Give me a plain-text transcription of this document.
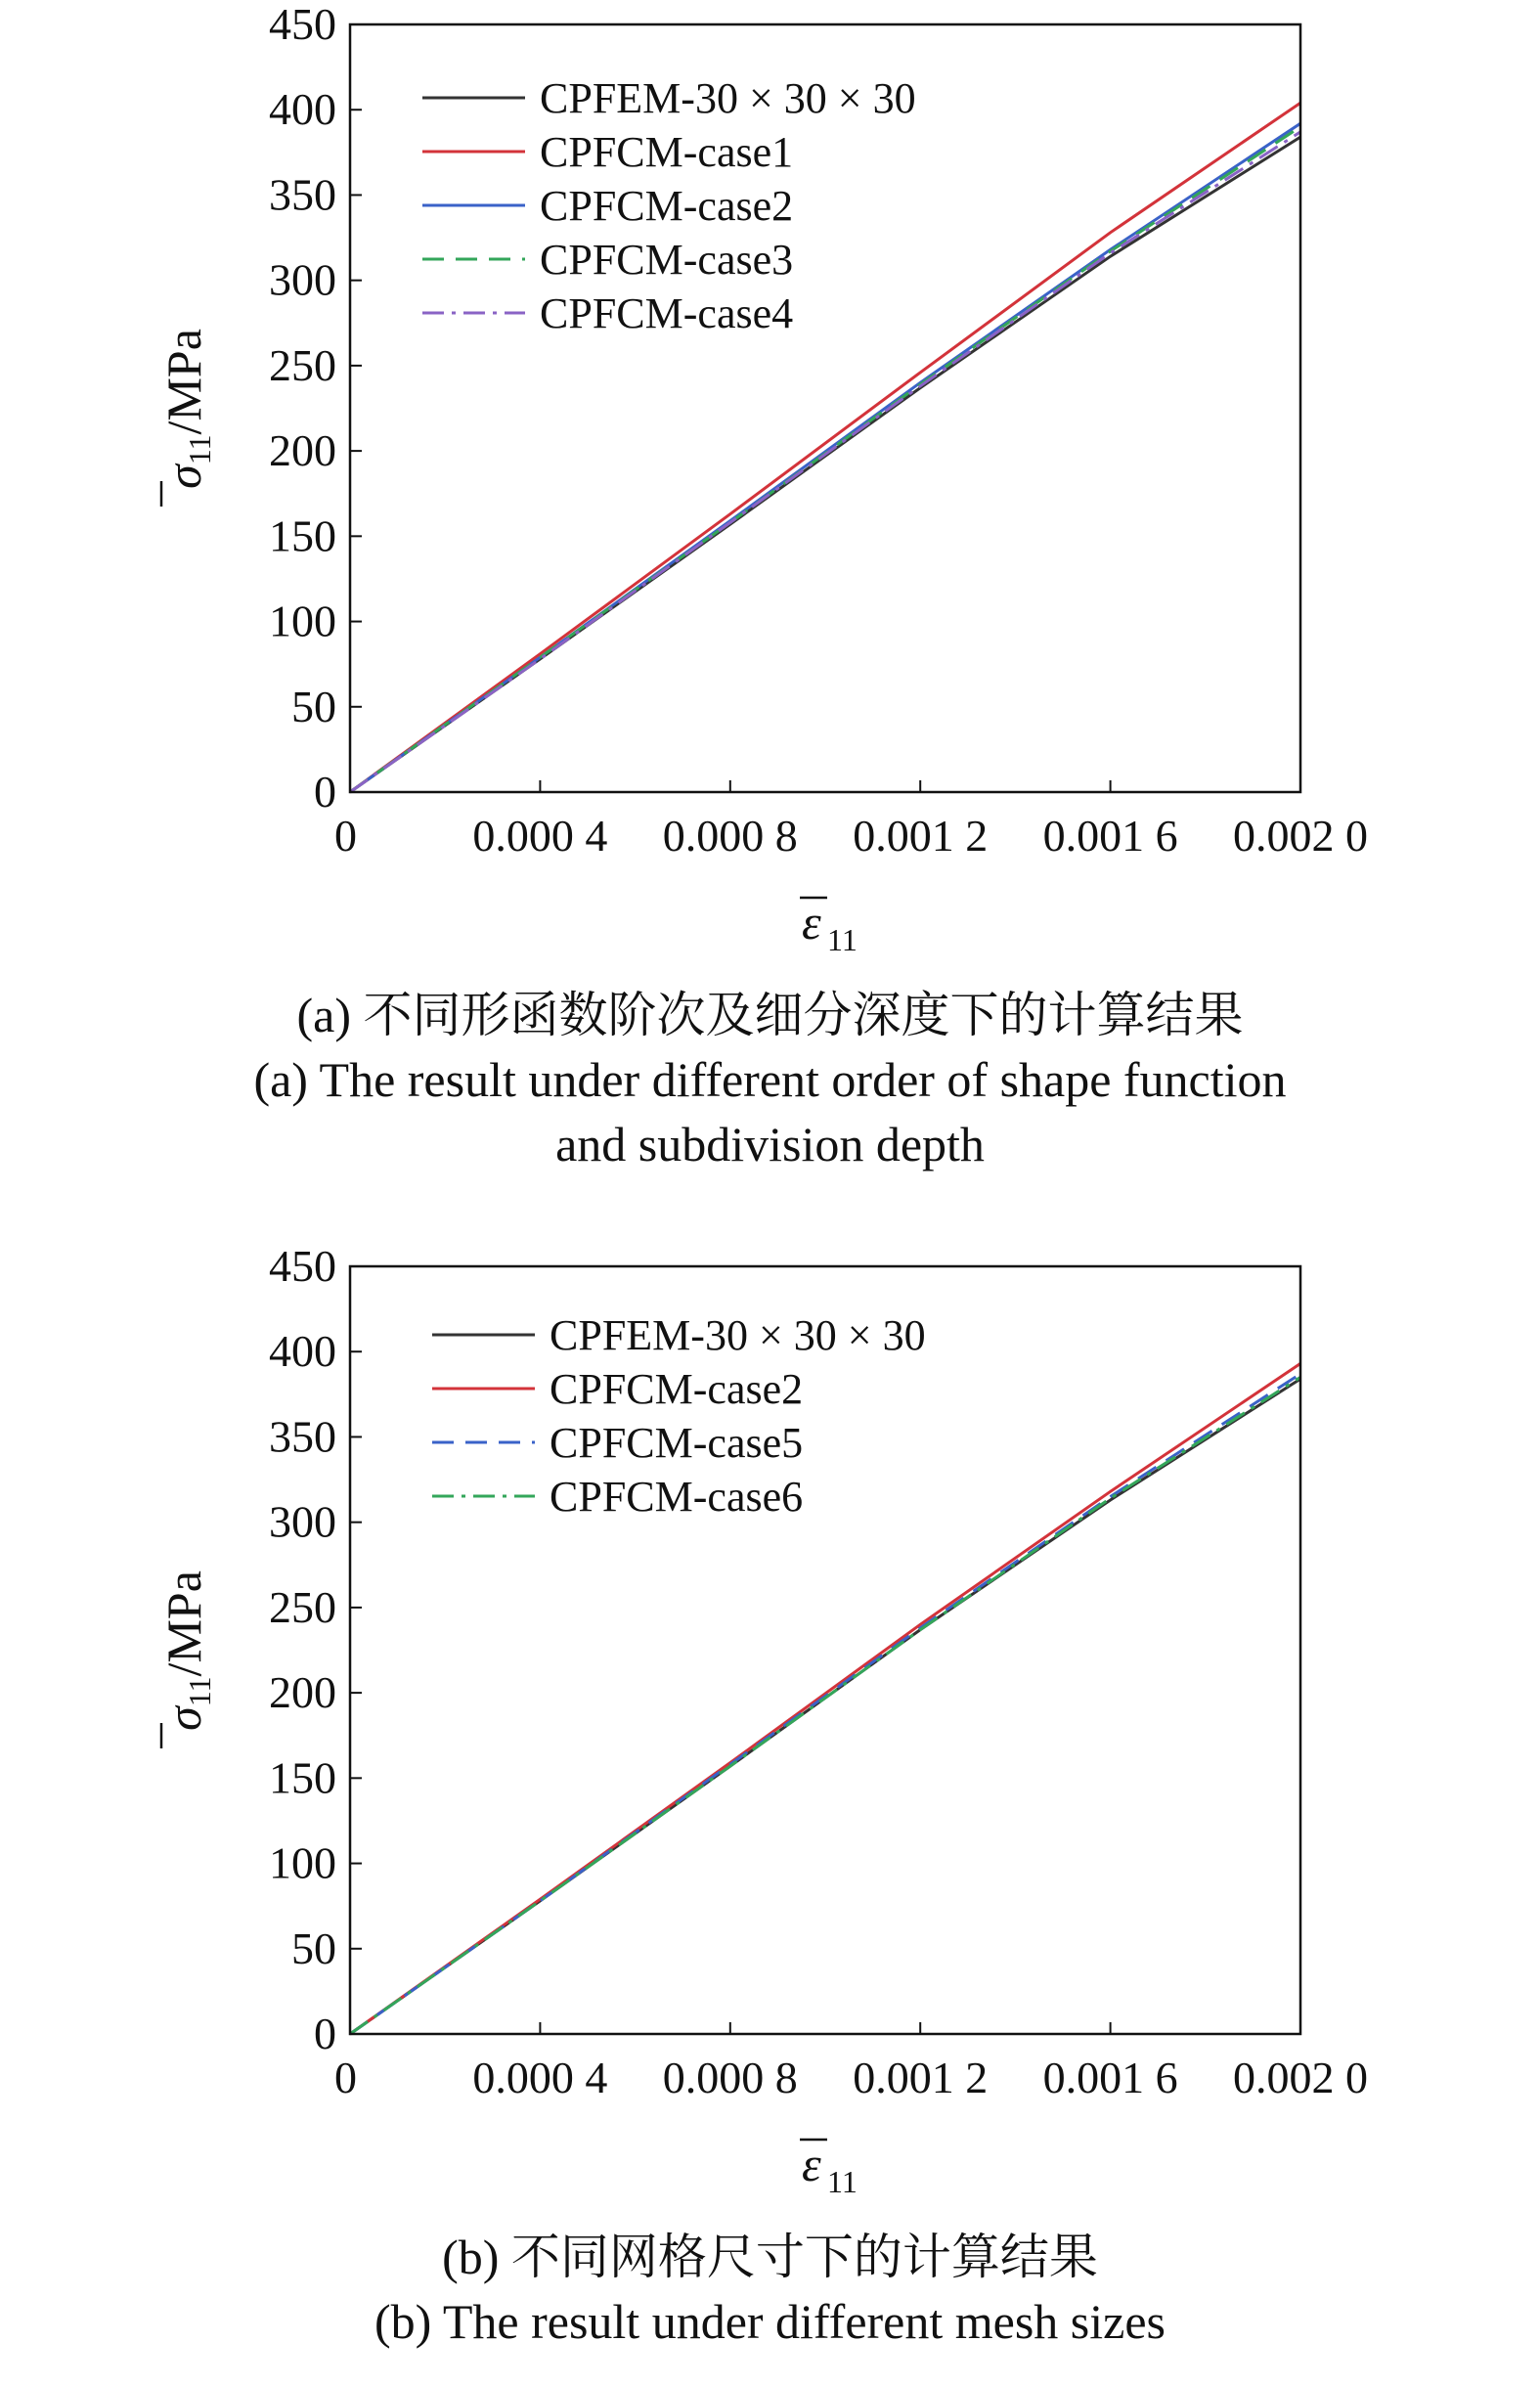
0
50
100
150
200
250
300
350
400
450
0	0.000 4 0.000 8 0.001 2 0.001 6 0.002 0
ε 11
$\sigma_{11}$/MPa
CPFEM-30 × 30 × 30
CPFCM-case1
CPFCM-case2
CPFCM-case3
CPFCM-case4
(a) 不同形函数阶次及细分深度下的计算结果
(a) The result under different order of shape function
and subdivision depth
0
50
100
150
200
250
300
350
400
450
0	0.000 4 0.000 8 0.001 2 0.001 6 0.002 0
ε 11
$\sigma_{11}$/MPa
CPFEM-30 × 30 × 30
CPFCM-case2
CPFCM-case5
CPFCM-case6
(b) 不同网格尺寸下的计算结果
(b) The result under different mesh sizes
